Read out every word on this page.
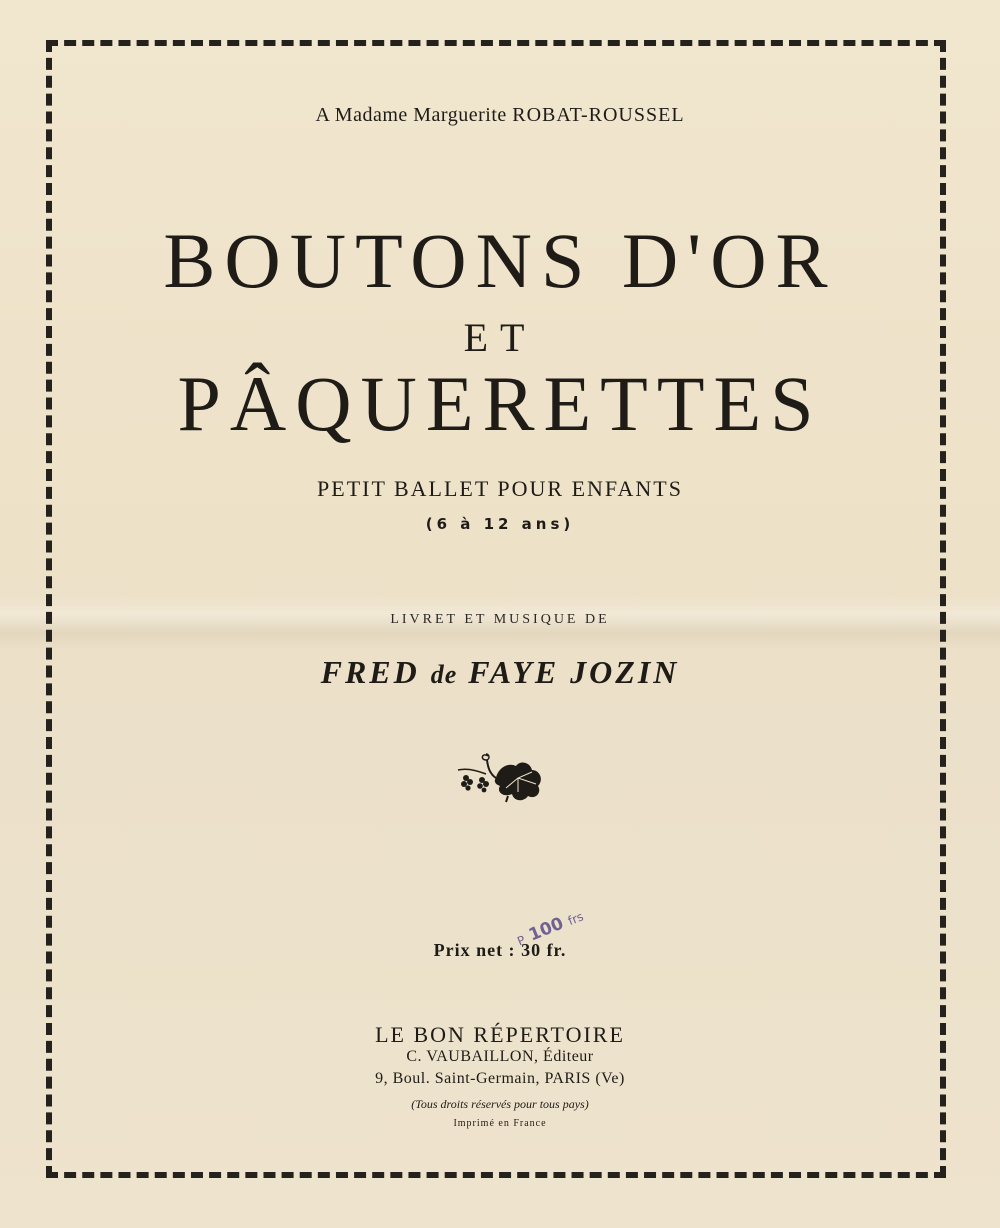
A Madame Marguerite ROBAT-ROUSSEL
BOUTONS D'OR
ET
PÂQUERETTES
PETIT BALLET POUR ENFANTS
(6 à 12 ans)
LIVRET ET MUSIQUE DE
FRED de FAYE JOZIN
Prix net : 30 fr.
P 100 frs
LE BON RÉPERTOIRE
C. VAUBAILLON, Éditeur
9, Boul. Saint-Germain, PARIS (Ve)
(Tous droits réservés pour tous pays)
Imprimé en France
